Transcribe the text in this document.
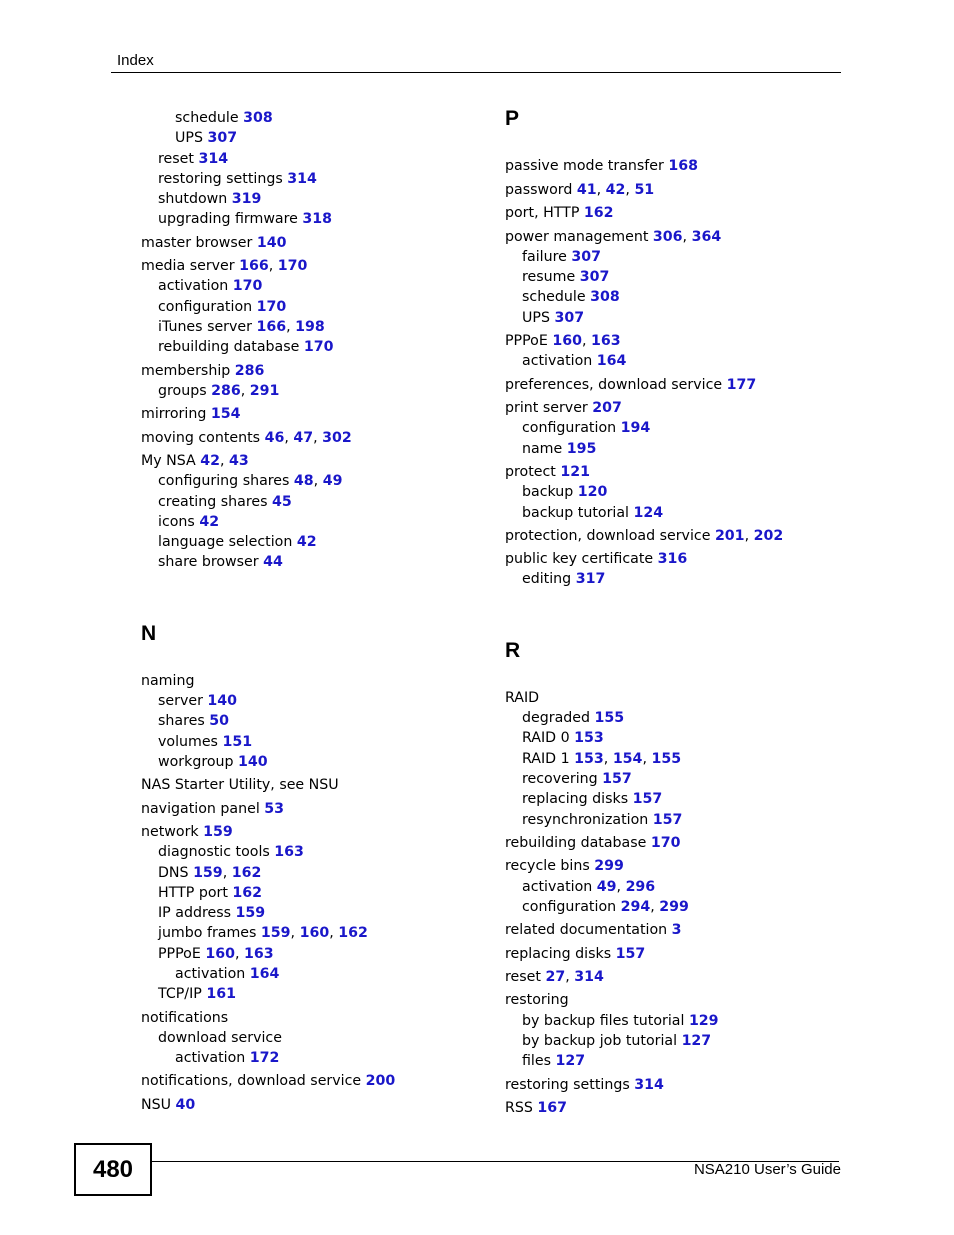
Index
schedule 308
UPS 307
reset 314
restoring settings 314
shutdown 319
upgrading firmware 318
master browser 140
media server 166, 170
activation 170
configuration 170
iTunes server 166, 198
rebuilding database 170
membership 286
groups 286, 291
mirroring 154
moving contents 46, 47, 302
My NSA 42, 43
configuring shares 48, 49
creating shares 45
icons 42
language selection 42
share browser 44
N
naming
server 140
shares 50
volumes 151
workgroup 140
NAS Starter Utility, see NSU
navigation panel 53
network 159
diagnostic tools 163
DNS 159, 162
HTTP port 162
IP address 159
jumbo frames 159, 160, 162
PPPoE 160, 163
activation 164
TCP/IP 161
notifications
download service
activation 172
notifications, download service 200
NSU 40
P
passive mode transfer 168
password 41, 42, 51
port, HTTP 162
power management 306, 364
failure 307
resume 307
schedule 308
UPS 307
PPPoE 160, 163
activation 164
preferences, download service 177
print server 207
configuration 194
name 195
protect 121
backup 120
backup tutorial 124
protection, download service 201, 202
public key certificate 316
editing 317
R
RAID
degraded 155
RAID 0 153
RAID 1 153, 154, 155
recovering 157
replacing disks 157
resynchronization 157
rebuilding database 170
recycle bins 299
activation 49, 296
configuration 294, 299
related documentation 3
replacing disks 157
reset 27, 314
restoring
by backup files tutorial 129
by backup job tutorial 127
files 127
restoring settings 314
RSS 167
480	NSA210 User’s Guide
